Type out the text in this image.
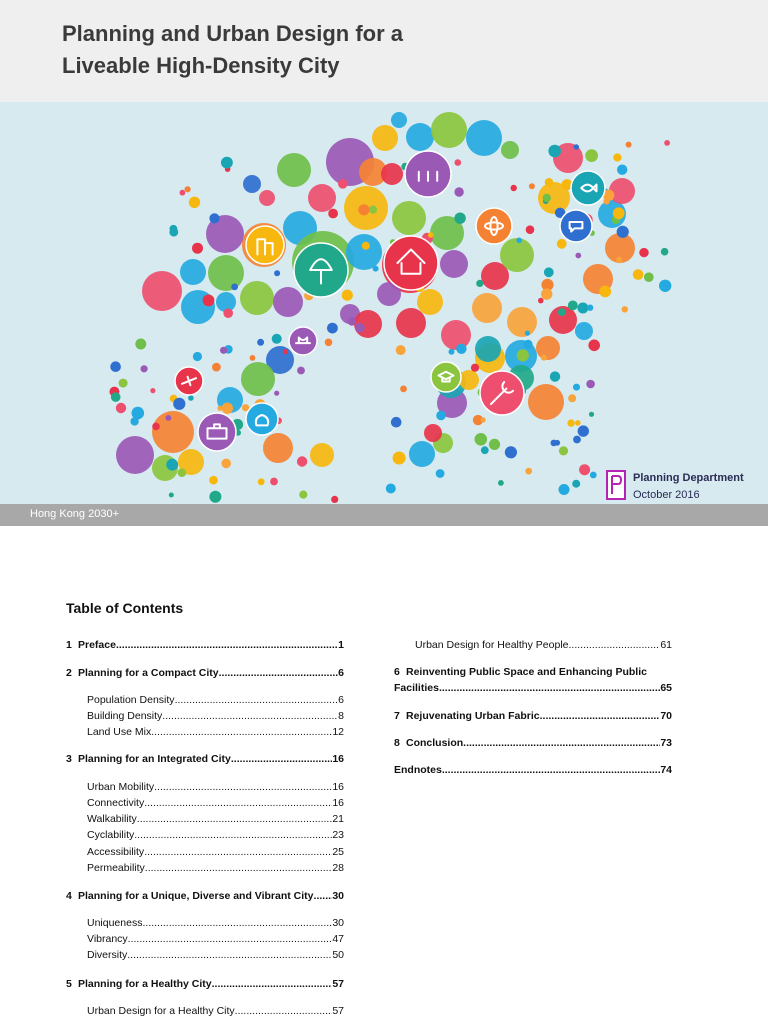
Planning and Urban Design for a
Liveable High-Density City
Planning Department
October 2016
Hong Kong 2030+
Table of Contents
1 Preface .....	1
2 Planning for a Compact City .....	6
Population Density .....	6
Building Density .....	8
Land Use Mix .....	12
3 Planning for an Integrated City .....	16
Urban Mobility .....	16
Connectivity .....	16
Walkability .....	21
Cyclability .....	23
Accessibility .....	25
Permeability .....	28
4 Planning for a Unique, Diverse and Vibrant City ..... 30
Uniqueness .....	30
Vibrancy .....	47
Diversity .....	50
5 Planning for a Healthy City .....	57
Urban Design for a Healthy City .....	57
Urban Design for Healthy People .....	61
6 Reinventing Public Space and Enhancing Public
Facilities .....	65
7 Rejuvenating Urban Fabric .....	70
8 Conclusion .....	73
Endnotes .....	74
